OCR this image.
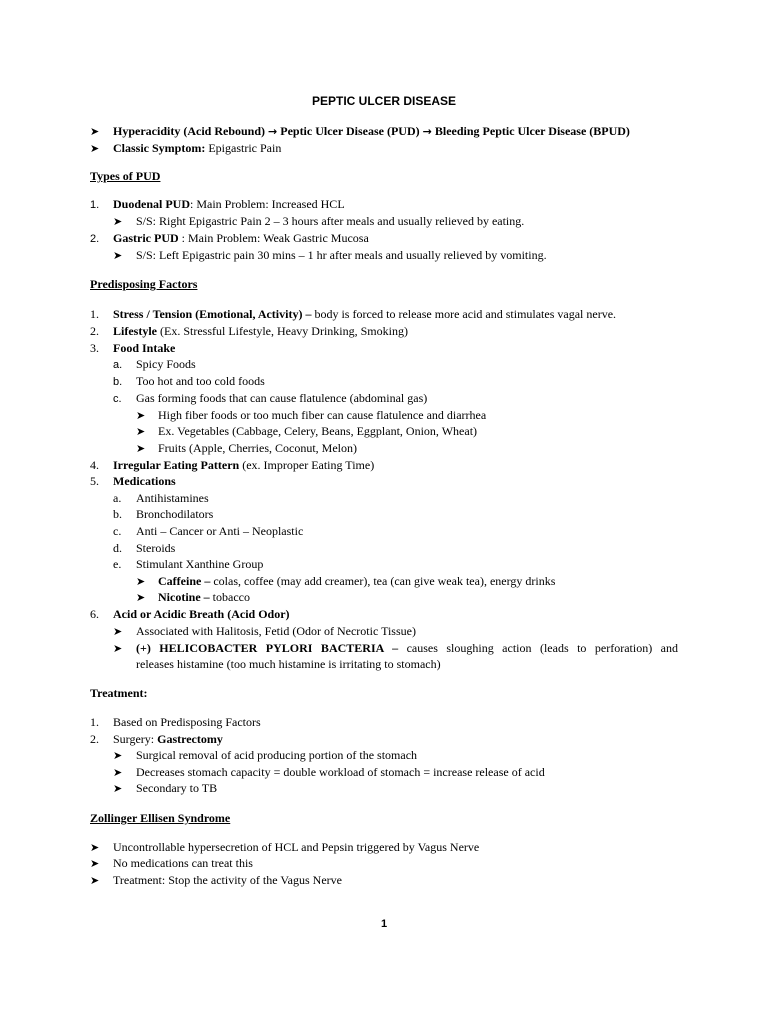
PEPTIC ULCER DISEASE
➤ Hyperacidity (Acid Rebound) → Peptic Ulcer Disease (PUD) → Bleeding Peptic Ulcer Disease (BPUD)
➤ Classic Symptom: Epigastric Pain
Types of PUD
1. Duodenal PUD: Main Problem: Increased HCL
➤ S/S: Right Epigastric Pain 2 – 3 hours after meals and usually relieved by eating.
2. Gastric PUD : Main Problem: Weak Gastric Mucosa
➤ S/S: Left Epigastric pain 30 mins – 1 hr after meals and usually relieved by vomiting.
Predisposing Factors
1. Stress / Tension (Emotional, Activity) – body is forced to release more acid and stimulates vagal nerve.
2. Lifestyle (Ex. Stressful Lifestyle, Heavy Drinking, Smoking)
3. Food Intake
a. Spicy Foods
b. Too hot and too cold foods
c. Gas forming foods that can cause flatulence (abdominal gas)
➤ High fiber foods or too much fiber can cause flatulence and diarrhea
➤ Ex. Vegetables (Cabbage, Celery, Beans, Eggplant, Onion, Wheat)
➤ Fruits (Apple, Cherries, Coconut, Melon)
4. Irregular Eating Pattern (ex. Improper Eating Time)
5. Medications
a. Antihistamines
b. Bronchodilators
c. Anti – Cancer or Anti – Neoplastic
d. Steroids
e. Stimulant Xanthine Group
➤ Caffeine – colas, coffee (may add creamer), tea (can give weak tea), energy drinks
➤ Nicotine – tobacco
6. Acid or Acidic Breath (Acid Odor)
➤ Associated with Halitosis, Fetid (Odor of Necrotic Tissue)
➤ (+) HELICOBACTER PYLORI BACTERIA – causes sloughing action (leads to perforation) and
releases histamine (too much histamine is irritating to stomach)
Treatment:
1. Based on Predisposing Factors
2. Surgery: Gastrectomy
➤ Surgical removal of acid producing portion of the stomach
➤ Decreases stomach capacity = double workload of stomach = increase release of acid
➤ Secondary to TB
Zollinger Ellisen Syndrome
➤ Uncontrollable hypersecretion of HCL and Pepsin triggered by Vagus Nerve
➤ No medications can treat this
➤ Treatment: Stop the activity of the Vagus Nerve
1
